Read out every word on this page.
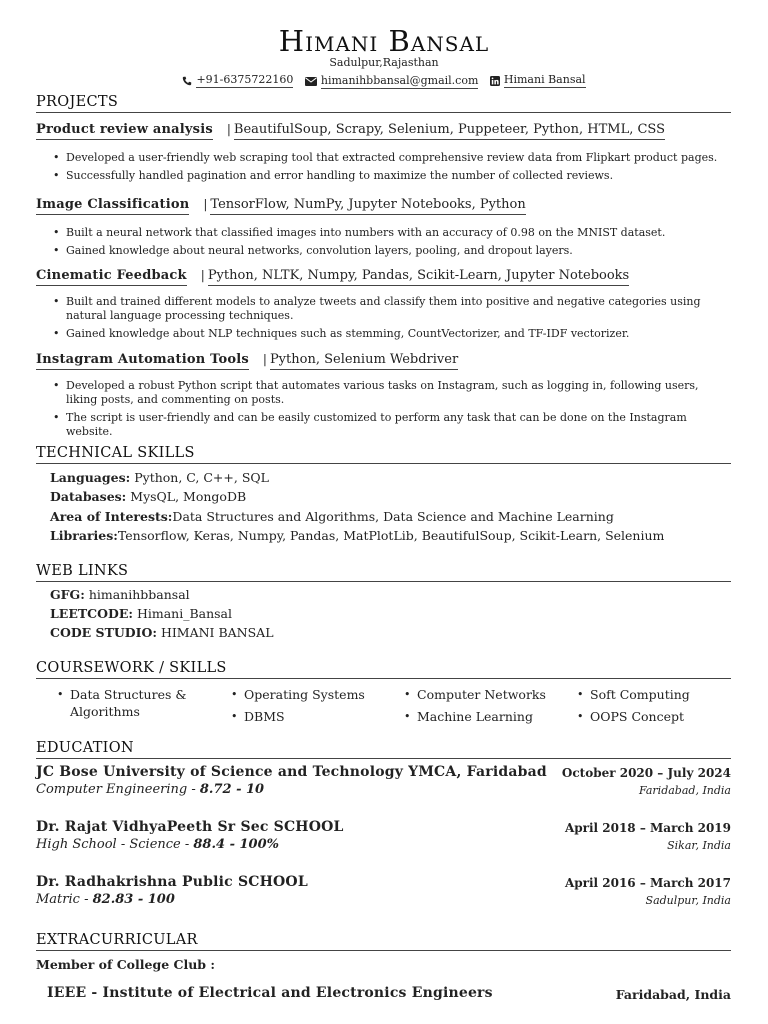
Himani Bansal
Sadulpur,Rajasthan
+91-6375722160
	himanihbbansal@gmail.com
Himani Bansal
PROJECTS
Product review analysis | BeautifulSoup, Scrapy, Selenium, Puppeteer, Python, HTML, CSS
• Developed a user-friendly web scraping tool that extracted comprehensive review data from Flipkart product pages.
• Successfully handled pagination and error handling to maximize the number of collected reviews.
Image Classification | TensorFlow, NumPy, Jupyter Notebooks, Python
• Built a neural network that classified images into numbers with an accuracy of 0.98 on the MNIST dataset.
• Gained knowledge about neural networks, convolution layers, pooling, and dropout layers.
Cinematic Feedback | Python, NLTK, Numpy, Pandas, Scikit-Learn, Jupyter Notebooks
• Built and trained different models to analyze tweets and classify them into positive and negative categories using natural language processing techniques.
• Gained knowledge about NLP techniques such as stemming, CountVectorizer, and TF-IDF vectorizer.
Instagram Automation Tools | Python, Selenium Webdriver
• Developed a robust Python script that automates various tasks on Instagram, such as logging in, following users, liking posts, and commenting on posts.
• The script is user-friendly and can be easily customized to perform any task that can be done on the Instagram website.
TECHNICAL SKILLS
Languages: Python, C, C++, SQL
Databases: MysQL, MongoDB
Area of Interests:Data Structures and Algorithms, Data Science and Machine Learning
Libraries:Tensorflow, Keras, Numpy, Pandas, MatPlotLib, BeautifulSoup, Scikit-Learn, Selenium
WEB LINKS
GFG: himanihbbansal
LEETCODE: Himani_Bansal
CODE STUDIO: HIMANI BANSAL
COURSEWORK / SKILLS
• Data Structures & Algorithms
• Operating Systems
• DBMS
• Computer Networks
• Machine Learning
• Soft Computing
• OOPS Concept
EDUCATION
JC Bose University of Science and Technology YMCA, Faridabad October 2020 – July 2024
Computer Engineering - 8.72 - 10	Faridabad, India
Dr. Rajat VidhyaPeeth Sr Sec SCHOOL	April 2018 – March 2019
High School - Science - 88.4 - 100%	Sikar, India
Dr. Radhakrishna Public SCHOOL	April 2016 – March 2017
Matric - 82.83 - 100	Sadulpur, India
EXTRACURRICULAR
Member of College Club :
IEEE - Institute of Electrical and Electronics Engineers	Faridabad, India
